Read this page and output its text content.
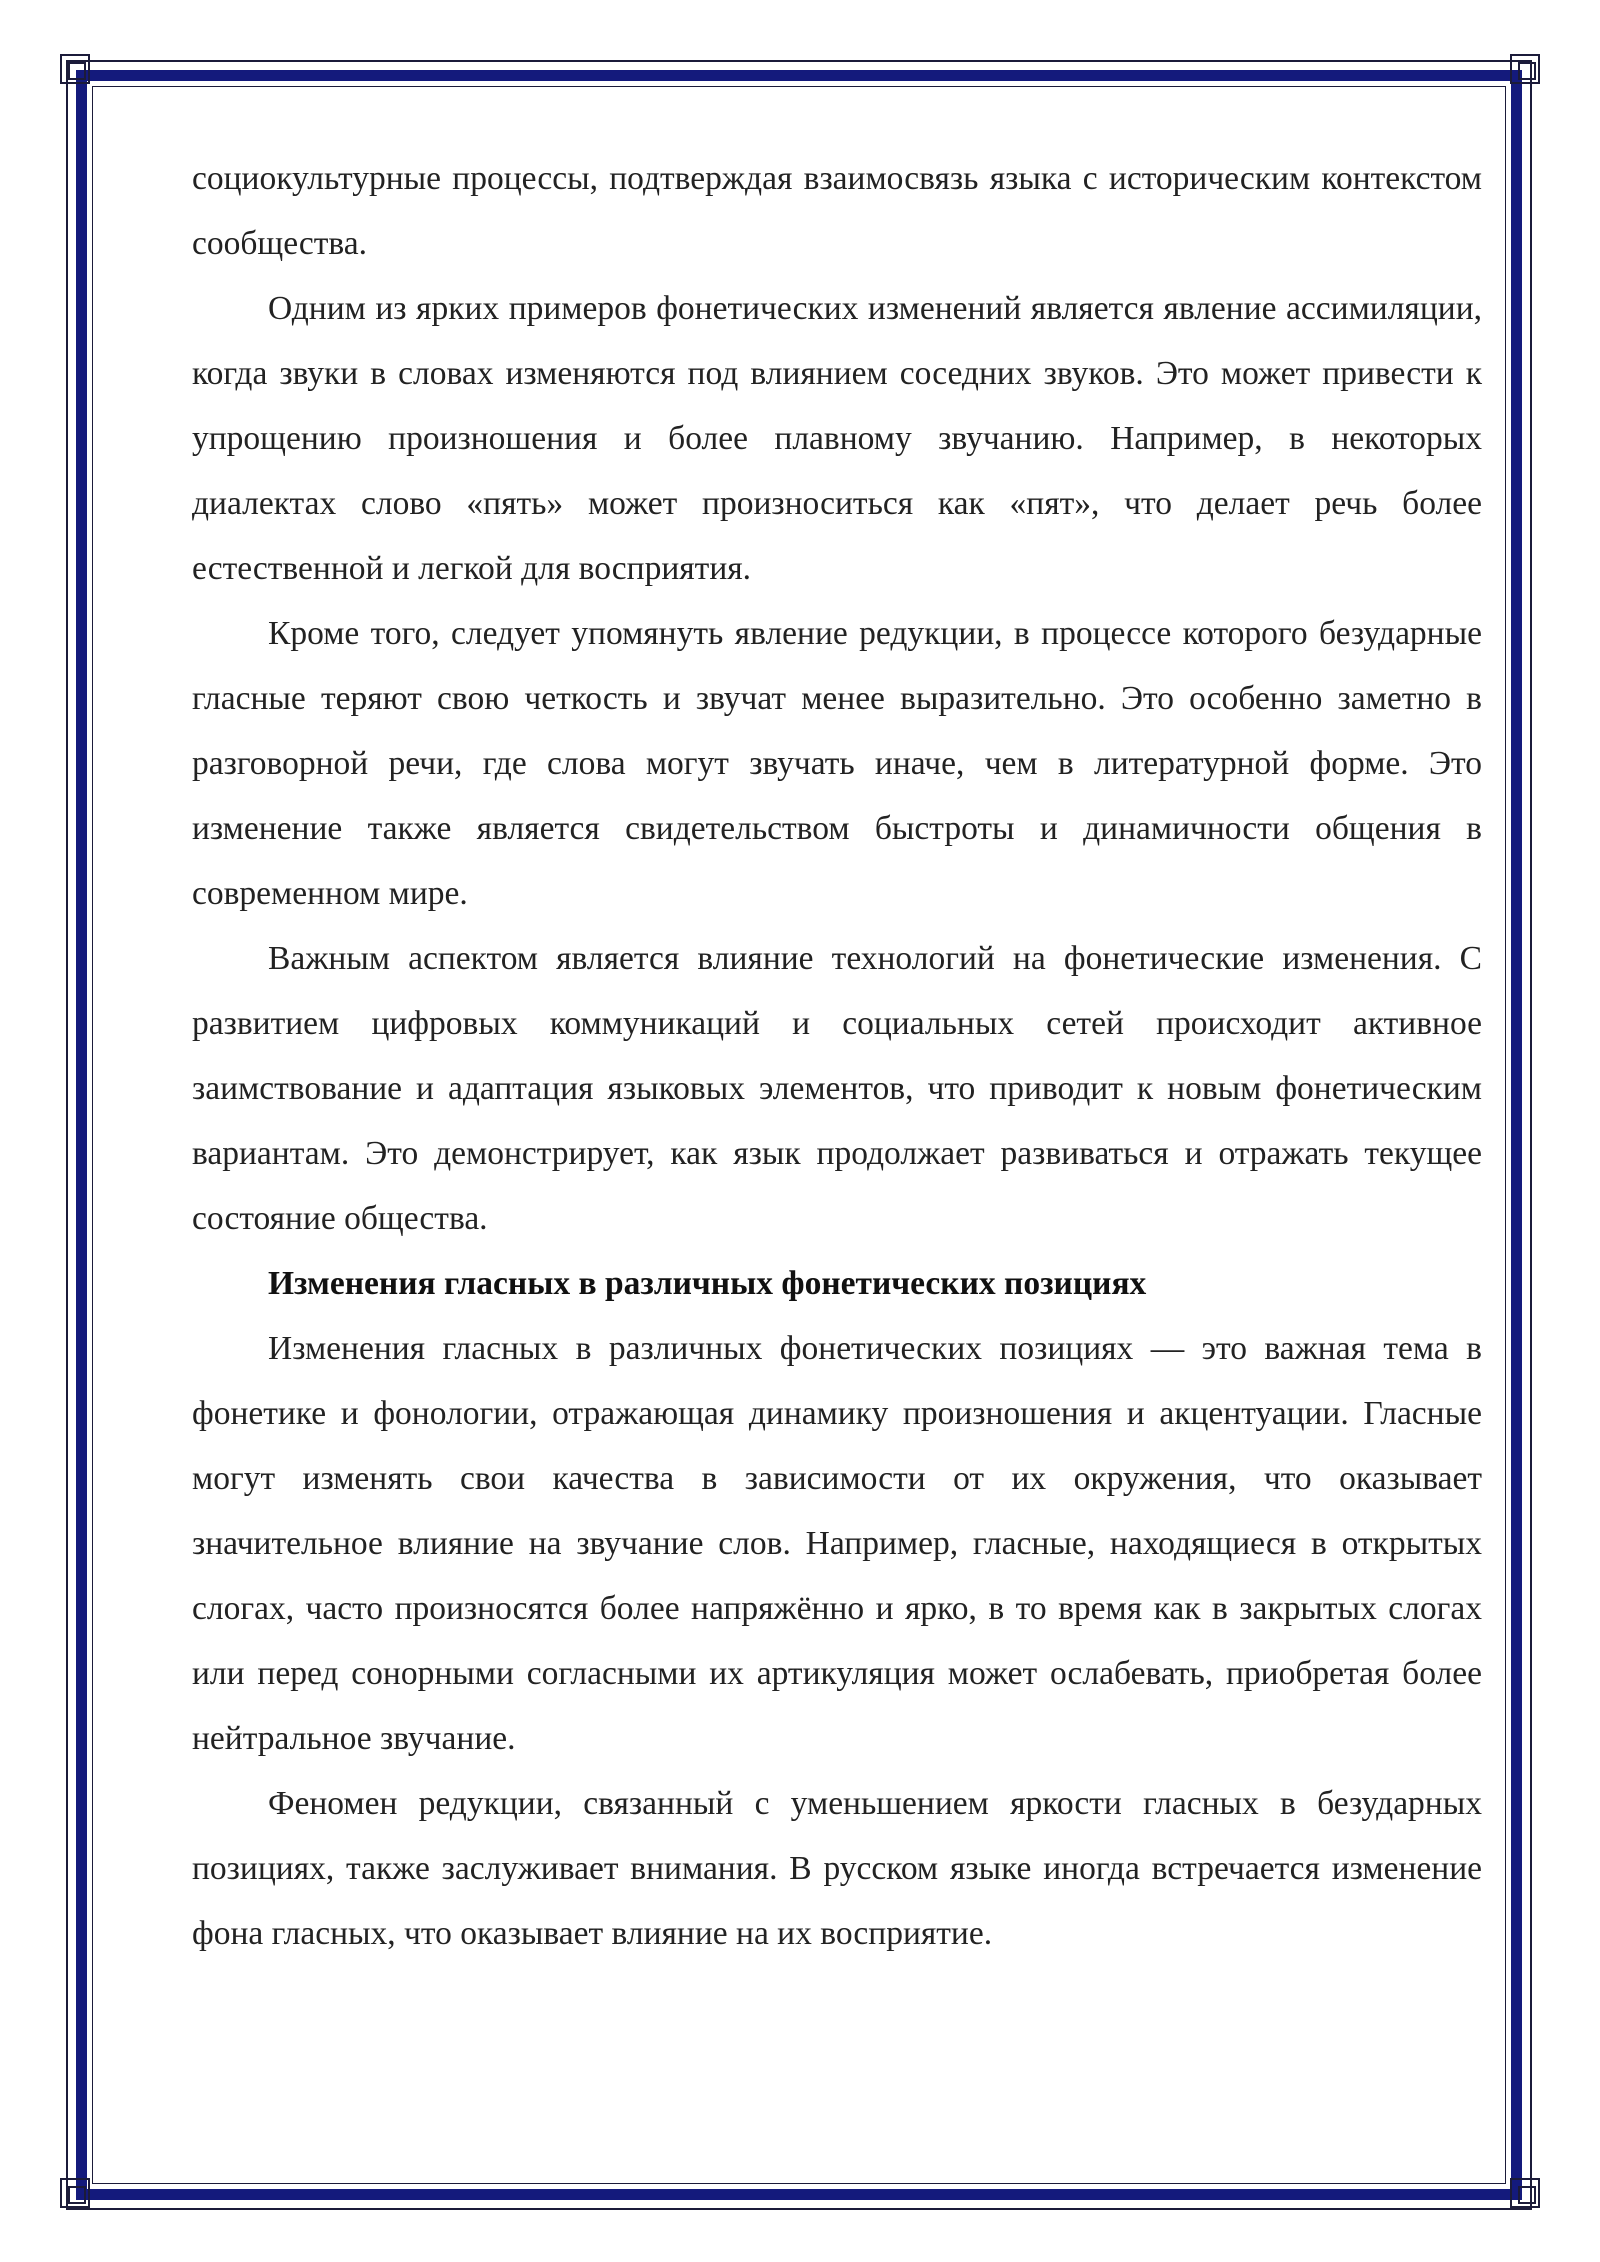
социокультурные процессы, подтверждая взаимосвязь языка с историческим контекстом сообщества.

Одним из ярких примеров фонетических изменений является явление ассимиляции, когда звуки в словах изменяются под влиянием соседних звуков. Это может привести к упрощению произношения и более плавному звучанию. Например, в некоторых диалектах слово «пять» может произноситься как «пят», что делает речь более естественной и легкой для восприятия.

Кроме того, следует упомянуть явление редукции, в процессе которого безударные гласные теряют свою четкость и звучат менее выразительно. Это особенно заметно в разговорной речи, где слова могут звучать иначе, чем в литературной форме. Это изменение также является свидетельством быстроты и динамичности общения в современном мире.

Важным аспектом является влияние технологий на фонетические изменения. С развитием цифровых коммуникаций и социальных сетей происходит активное заимствование и адаптация языковых элементов, что приводит к новым фонетическим вариантам. Это демонстрирует, как язык продолжает развиваться и отражать текущее состояние общества.

Изменения гласных в различных фонетических позициях

Изменения гласных в различных фонетических позициях — это важная тема в фонетике и фонологии, отражающая динамику произношения и акцентуации. Гласные могут изменять свои качества в зависимости от их окружения, что оказывает значительное влияние на звучание слов. Например, гласные, находящиеся в открытых слогах, часто произносятся более напряжённо и ярко, в то время как в закрытых слогах или перед сонорными согласными их артикуляция может ослабевать, приобретая более нейтральное звучание.

Феномен редукции, связанный с уменьшением яркости гласных в безударных позициях, также заслуживает внимания. В русском языке иногда встречается изменение фона гласных, что оказывает влияние на их восприятие.
